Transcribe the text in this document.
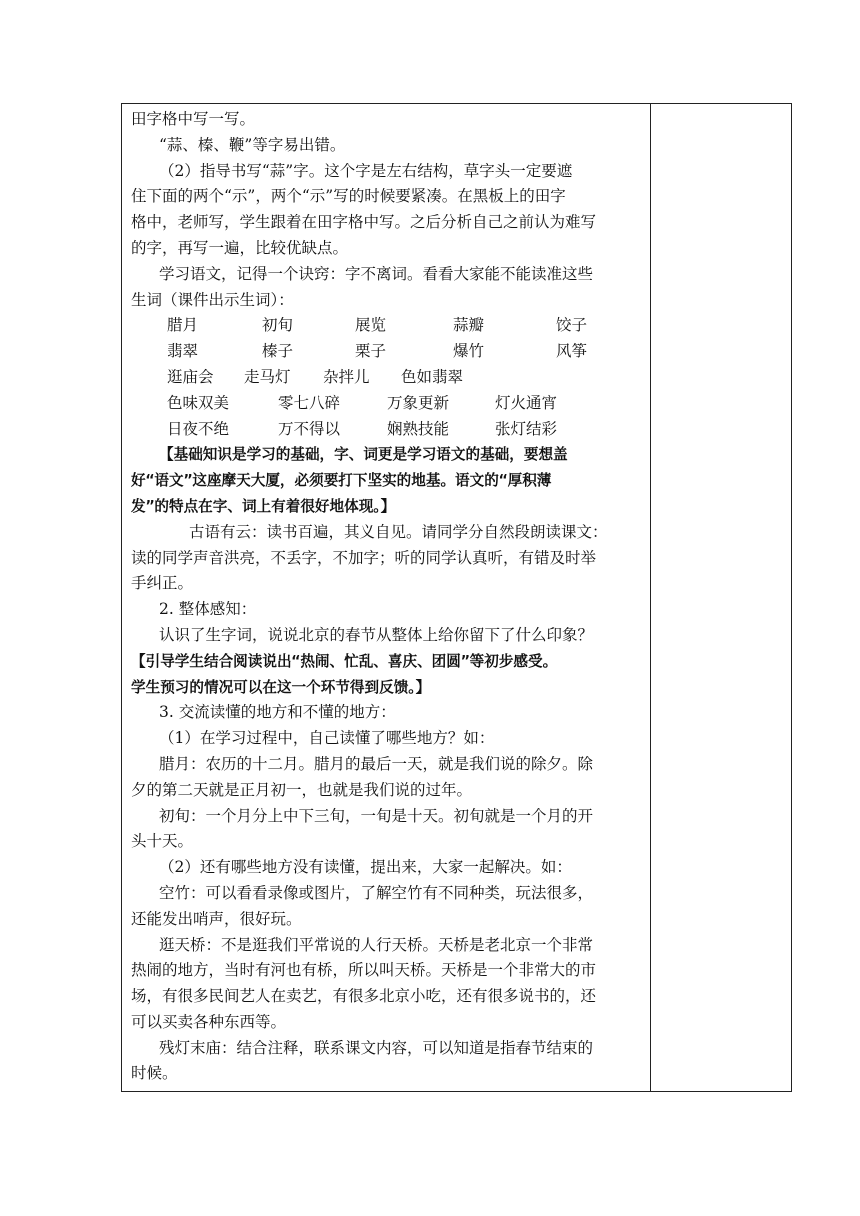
田字格中写一写。
“蒜、榛、鞭”等字易出错。
（2）指导书写“蒜”字。这个字是左右结构，草字头一定要遮
住下面的两个“示”，两个“示”写的时候要紧凑。在黑板上的田字
格中，老师写，学生跟着在田字格中写。之后分析自己之前认为难写
的字，再写一遍，比较优缺点。
学习语文，记得一个诀窍：字不离词。看看大家能不能读准这些
生词（课件出示生词）：
腊月	初旬	展览	蒜瓣	饺子
翡翠	榛子	栗子	爆竹	风筝
逛庙会 走马灯 杂拌儿 色如翡翠
色味双美	零七八碎	万象更新	灯火通宵
日夜不绝	万不得以	娴熟技能	张灯结彩
【基础知识是学习的基础，字、词更是学习语文的基础，要想盖
好“语文”这座摩天大厦，必须要打下坚实的地基。语文的“厚积薄
发”的特点在字、词上有着很好地体现。】
古语有云：读书百遍，其义自见。请同学分自然段朗读课文：
读的同学声音洪亮，不丢字，不加字；听的同学认真听，有错及时举
手纠正。
2. 整体感知：
认识了生字词，说说北京的春节从整体上给你留下了什么印象？
【引导学生结合阅读说出“热闹、忙乱、喜庆、团圆”等初步感受。
学生预习的情况可以在这一个环节得到反馈。】
3. 交流读懂的地方和不懂的地方：
（1）在学习过程中，自己读懂了哪些地方？如：
腊月：农历的十二月。腊月的最后一天，就是我们说的除夕。除
夕的第二天就是正月初一，也就是我们说的过年。
初旬：一个月分上中下三旬，一旬是十天。初旬就是一个月的开
头十天。
（2）还有哪些地方没有读懂，提出来，大家一起解决。如：
空竹：可以看看录像或图片，了解空竹有不同种类，玩法很多，
还能发出哨声，很好玩。
逛天桥：不是逛我们平常说的人行天桥。天桥是老北京一个非常
热闹的地方，当时有河也有桥，所以叫天桥。天桥是一个非常大的市
场，有很多民间艺人在卖艺，有很多北京小吃，还有很多说书的，还
可以买卖各种东西等。
残灯末庙：结合注释，联系课文内容，可以知道是指春节结束的
时候。
